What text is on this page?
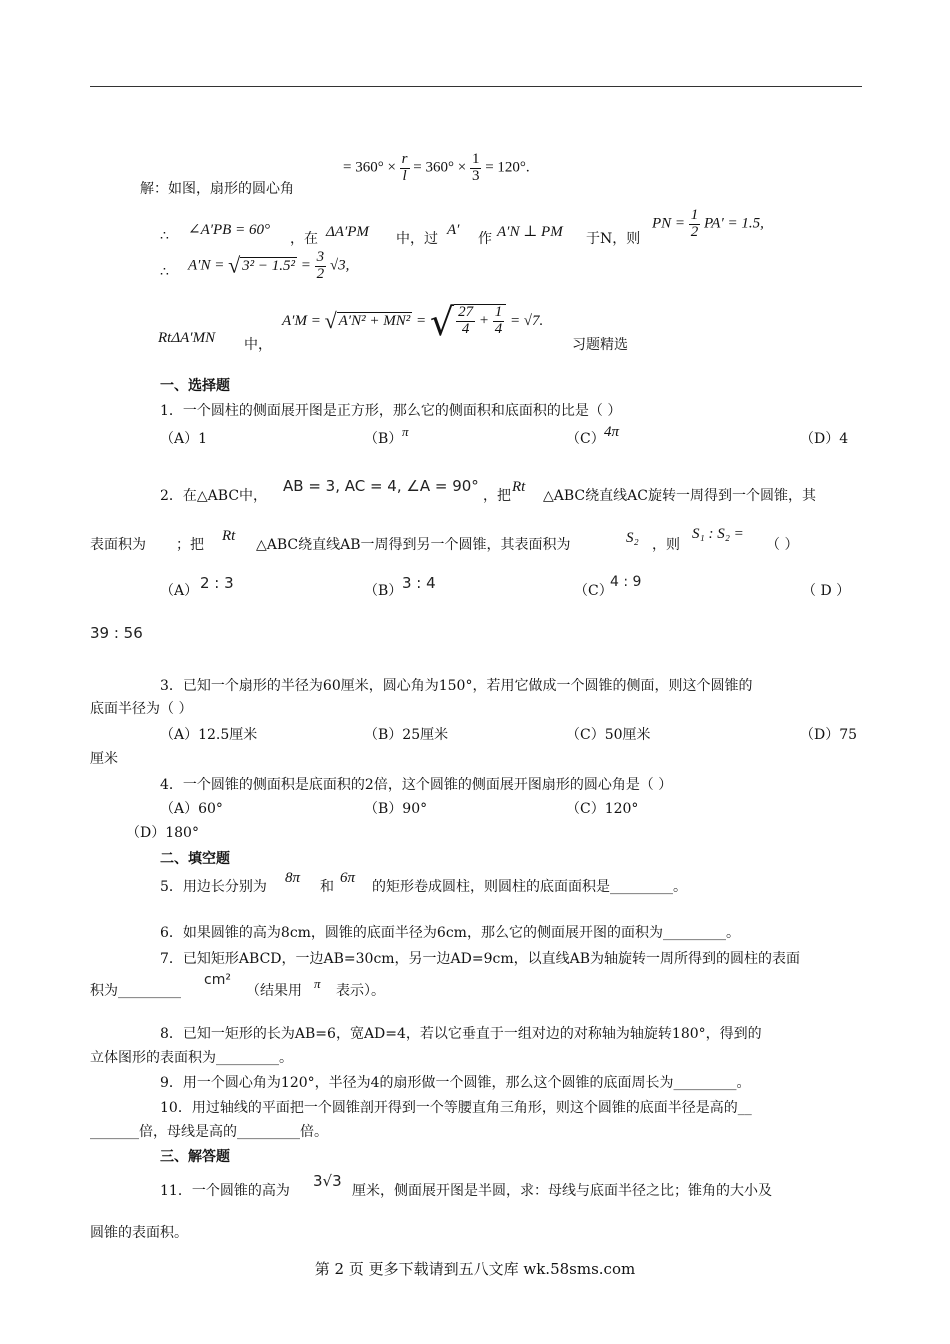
解：如图，扇形的圆心角
= $360^\circ \times \frac{r}{l} = 360^\circ \times \frac{1}{3} = 120^\circ$.
∴ ∠A′PB = 60°
，在 ΔA′PM 中，过
A′
作 A′N ⊥ PM 于N，则
PN = $\frac{1}{2} PA' = 1.5$,
∴ A′N = √ $3^2 - 1.5^2 = \frac{3}{2} √3$,
RtΔA′MN 中，
A′M = √ A′N² + MN² = √ $\frac{27}{4} + \frac{1}{4} = √7$.
习题精选
一、选择题
1．一个圆柱的侧面展开图是正方形，那么它的侧面积和底面积的比是（ ）
（A）1	（B） π	（C） 4π	（D）4
2．在△ABC中，
AB = 3, AC = 4, ∠A = 90°
，把
Rt
△ABC绕直线AC旋转一周得到一个圆锥，其
表面积为 ；把
Rt
△ABC绕直线AB一周得到另一个圆锥，其表面积为	S₂ ，则
S₁ : S₂ =
（ ）
（A） 2 : 3	（B） 3 : 4	（C）
4 : 9
（ D ）
39 : 56
3．已知一个扇形的半径为60厘米，圆心角为150°，若用它做成一个圆锥的侧面，则这个圆锥的
底面半径为（ ）
（A）12.5厘米	（B）25厘米	（C）50厘米	（D）75
厘米
4．一个圆锥的侧面积是底面积的2倍，这个圆锥的侧面展开图扇形的圆心角是（ ）
（A）60°	（B）90°	（C）120°
（D）180°
二、填空题
5．用边长分别为
8π
和
6π
的矩形卷成圆柱，则圆柱的底面面积是_________。
6．如果圆锥的高为8cm，圆锥的底面半径为6cm，那么它的侧面展开图的面积为_________。
7．已知矩形ABCD，一边AB=30cm，另一边AD=9cm，以直线AB为轴旋转一周所得到的圆柱的表面
积为_________
cm²
（结果用 π 表示）。
8．已知一矩形的长为AB=6，宽AD=4，若以它垂直于一组对边的对称轴为轴旋转180°，得到的
立体图形的表面积为_________。
9．用一个圆心角为120°，半径为4的扇形做一个圆锥，那么这个圆锥的底面周长为_________。
10．用过轴线的平面把一个圆锥剖开得到一个等腰直角三角形，则这个圆锥的底面半径是高的__
_______倍，母线是高的_________倍。
三、解答题
11．一个圆锥的高为
3√3
厘米，侧面展开图是半圆，求：母线与底面半径之比；锥角的大小及
圆锥的表面积。
第 2 页 更多下载请到五八文库 wk.58sms.com
